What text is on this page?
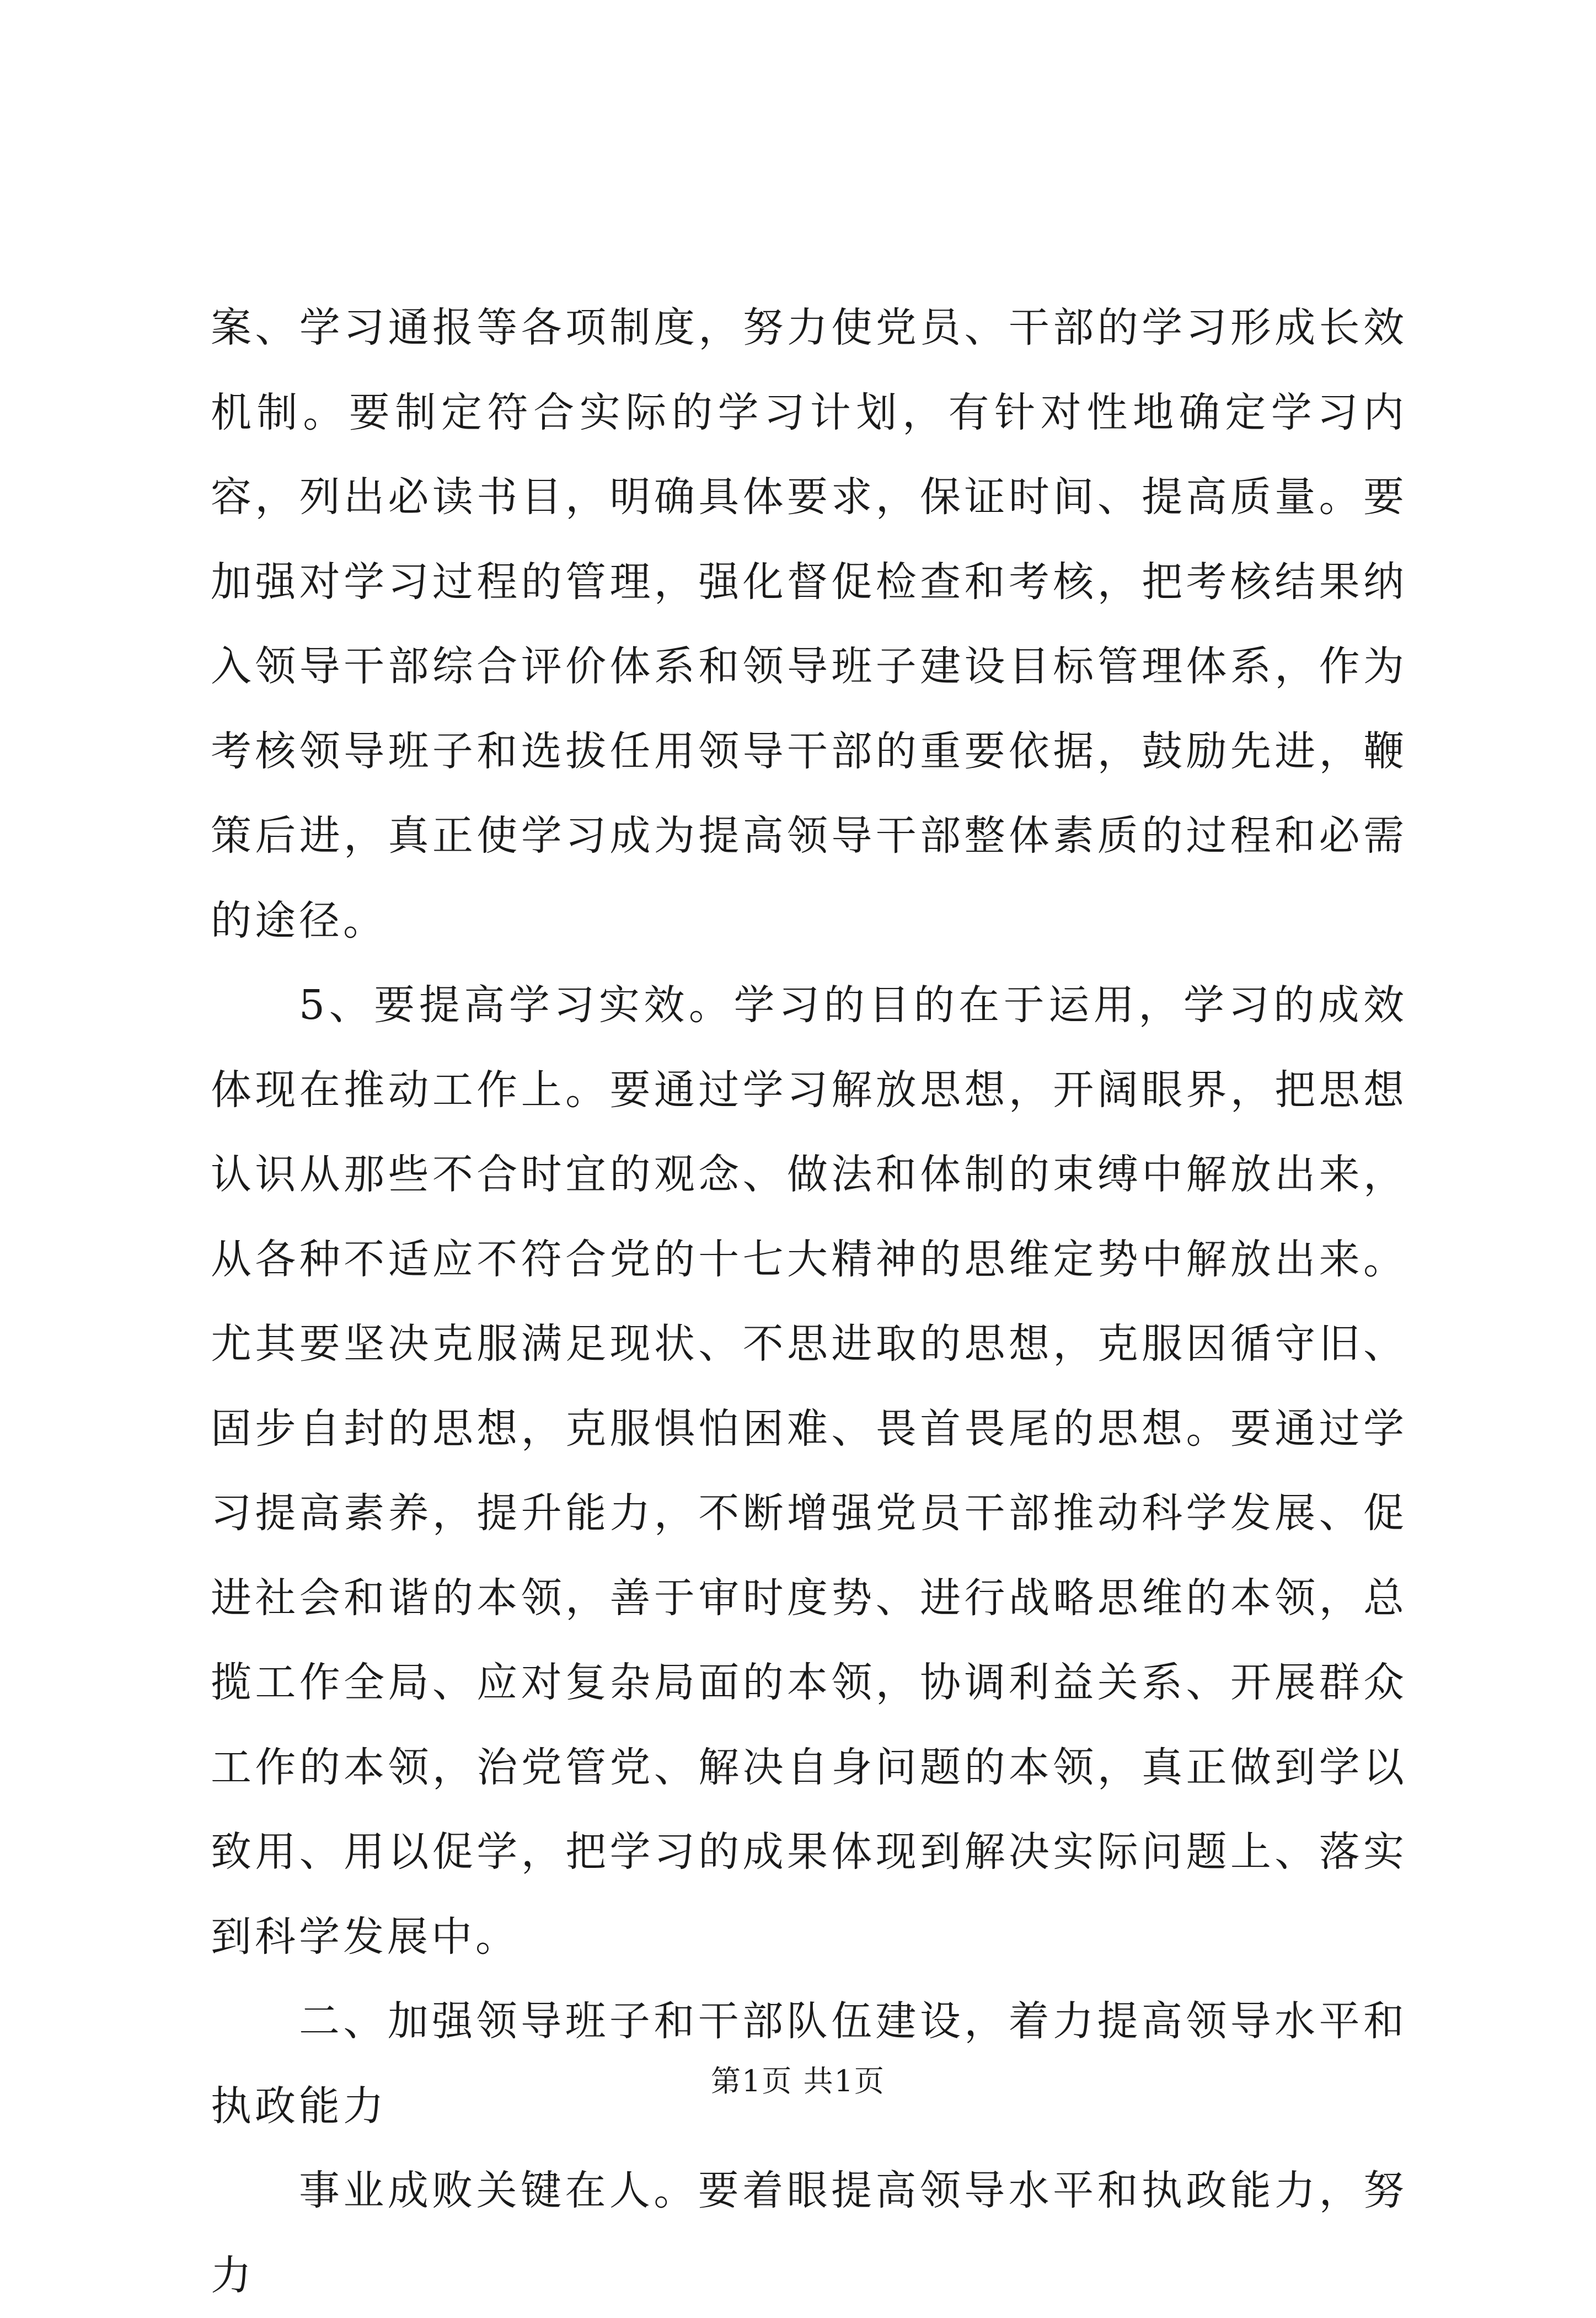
案、学习通报等各项制度，努力使党员、干部的学习形成长效机制。要制定符合实际的学习计划，有针对性地确定学习内容，列出必读书目，明确具体要求，保证时间、提高质量。要加强对学习过程的管理，强化督促检查和考核，把考核结果纳入领导干部综合评价体系和领导班子建设目标管理体系，作为考核领导班子和选拔任用领导干部的重要依据，鼓励先进，鞭策后进，真正使学习成为提高领导干部整体素质的过程和必需的途径。

5、要提高学习实效。学习的目的在于运用，学习的成效体现在推动工作上。要通过学习解放思想，开阔眼界，把思想认识从那些不合时宜的观念、做法和体制的束缚中解放出来，从各种不适应不符合党的十七大精神的思维定势中解放出来。尤其要坚决克服满足现状、不思进取的思想，克服因循守旧、固步自封的思想，克服惧怕困难、畏首畏尾的思想。要通过学习提高素养，提升能力，不断增强党员干部推动科学发展、促进社会和谐的本领，善于审时度势、进行战略思维的本领，总揽工作全局、应对复杂局面的本领，协调利益关系、开展群众工作的本领，治党管党、解决自身问题的本领，真正做到学以致用、用以促学，把学习的成果体现到解决实际问题上、落实到科学发展中。

二、加强领导班子和干部队伍建设，着力提高领导水平和执政能力

事业成败关键在人。要着眼提高领导水平和执政能力，努力

第1页 共1页
